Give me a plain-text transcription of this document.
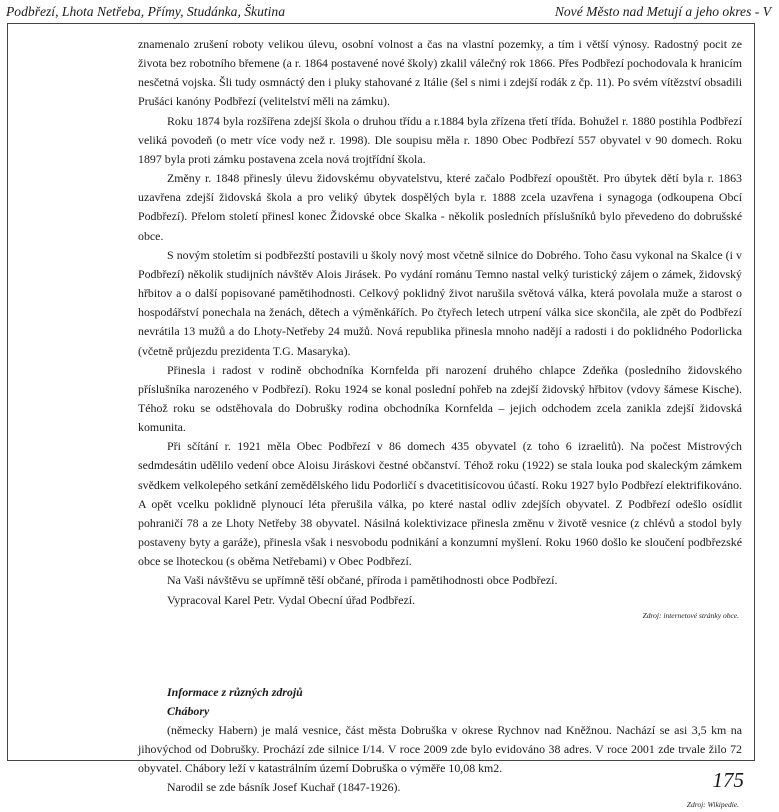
Podbřezí, Lhota Netřeba, Přímy, Studánka, Škutina	Nové Město nad Metují a jeho okres - V

znamenalo zrušení roboty velikou úlevu, osobní volnost a čas na vlastní pozemky, a tím i větší výnosy. Radostný pocit ze života bez robotního břemene (a r. 1864 postavené nové školy) zkalil válečný rok 1866. Přes Podbřezí pochodovala k hranicím nesčetná vojska. Šli tudy osmnáctý den i pluky stahované z Itálie (šel s nimi i zdejší rodák z čp. 11). Po svém vítězství obsadili Prušáci kanóny Podbřezí (velitelství měli na zámku).

Roku 1874 byla rozšířena zdejší škola o druhou třídu a r.1884 byla zřízena třetí třída. Bohužel r. 1880 postihla Podbřezí veliká povodeň (o metr více vody než r. 1998). Dle soupisu měla r. 1890 Obec Podbřezí 557 obyvatel v 90 domech. Roku 1897 byla proti zámku postavena zcela nová trojtřídní škola.

Změny r. 1848 přinesly úlevu židovskému obyvatelstvu, které začalo Podbřezí opouštět. Pro úbytek dětí byla r. 1863 uzavřena zdejší židovská škola a pro veliký úbytek dospělých byla r. 1888 zcela uzavřena i synagoga (odkoupena Obcí Podbřezí). Přelom století přinesl konec Židovské obce Skalka - několik posledních příslušníků bylo převedeno do dobrušské obce.

S novým stoletím si podbřezští postavili u školy nový most včetně silnice do Dobrého. Toho času vykonal na Skalce (i v Podbřezí) několik studijních návštěv Alois Jirásek. Po vydání románu Temno nastal velký turistický zájem o zámek, židovský hřbitov a o další popisované pamětihodnosti. Celkový poklidný život narušila světová válka, která povolala muže a starost o hospodářství ponechala na ženách, dětech a výměnkářích. Po čtyřech letech utrpení válka sice skončila, ale zpět do Podbřezí nevrátila 13 mužů a do Lhoty-Netřeby 24 mužů. Nová republika přinesla mnoho nadějí a radosti i do poklidného Podorlicka (včetně průjezdu prezidenta T.G. Masaryka).

Přinesla i radost v rodině obchodníka Kornfelda při narození druhého chlapce Zdeňka (posledního židovského příslušníka narozeného v Podbřezí). Roku 1924 se konal poslední pohřeb na zdejší židovský hřbitov (vdovy šámese Kische). Téhož roku se odstěhovala do Dobrušky rodina obchodníka Kornfelda – jejich odchodem zcela zanikla zdejší židovská komunita.

Při sčítání r. 1921 měla Obec Podbřezí v 86 domech 435 obyvatel (z toho 6 izraelitů). Na počest Mistrových sedmdesátin udělilo vedení obce Aloisu Jiráskovi čestné občanství. Téhož roku (1922) se stala louka pod skaleckým zámkem svědkem velkolepého setkání zemědělského lidu Podorličí s dvacetitisícovou účastí. Roku 1927 bylo Podbřezí elektrifikováno. A opět vcelku poklidně plynoucí léta přerušila válka, po které nastal odliv zdejších obyvatel. Z Podbřezí odešlo osídlit pohraničí 78 a ze Lhoty Netřeby 38 obyvatel. Násilná kolektivizace přinesla změnu v životě vesnice (z chlévů a stodol byly postaveny byty a garáže), přinesla však i nesvobodu podnikání a konzumní myšlení. Roku 1960 došlo ke sloučení podbřezské obce se lhoteckou (s oběma Netřebami) v Obec Podbřezí.

Na Vaši návštěvu se upřímně těší občané, příroda i pamětihodnosti obce Podbřezí.

Vypracoval Karel Petr. Vydal Obecní úřad Podbřezí.

Zdroj: internetové stránky obce.
Informace z různých zdrojů
Chábory

(německy Habern) je malá vesnice, část města Dobruška v okrese Rychnov nad Kněžnou. Nachází se asi 3,5 km na jihovýchod od Dobrušky. Prochází zde silnice I/14. V roce 2009 zde bylo evidováno 38 adres. V roce 2001 zde trvale žilo 72 obyvatel. Chábory leží v katastrálním území Dobruška o výměře 10,08 km2.

Narodil se zde básník Josef Kuchař (1847-1926).

Zdroj: Wikipedie.
175
